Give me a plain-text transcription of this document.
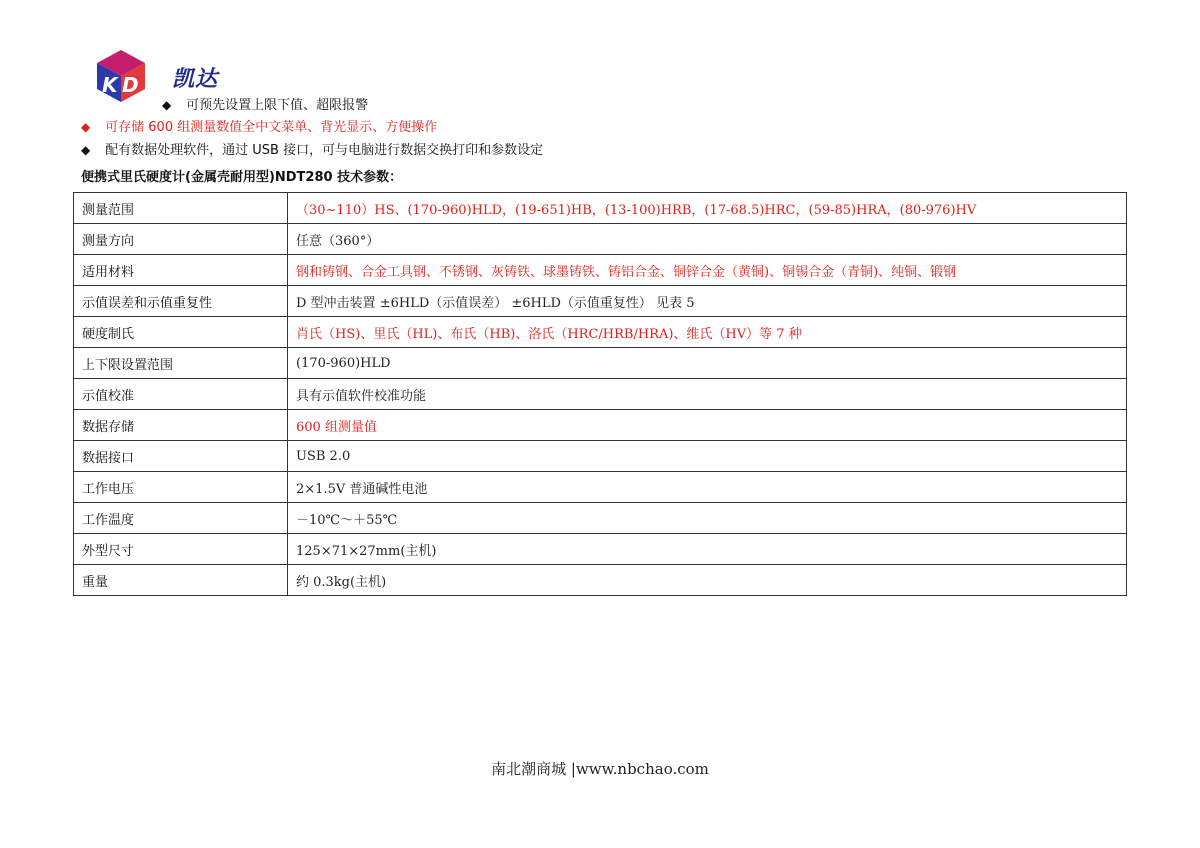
K D 凯达
◆ 可预先设置上限下值、超限报警
◆ 可存储 600 组测量数值全中文菜单、背光显示、方便操作
◆ 配有数据处理软件，通过 USB 接口，可与电脑进行数据交换打印和参数设定
便携式里氏硬度计(金属壳耐用型)NDT280 技术参数：
测量范围	（30~110）HS、(170-960)HLD，(19-651)HB，(13-100)HRB，(17-68.5)HRC，(59-85)HRA，(80-976)HV
测量方向	任意（360°）
适用材料	钢和铸钢、合金工具钢、不锈钢、灰铸铁、球墨铸铁、铸铝合金、铜锌合金（黄铜)、铜锡合金（青铜)、纯铜、锻钢
示值误差和示值重复性	D 型冲击装置 ±6HLD（示值误差） ±6HLD（示值重复性） 见表 5
硬度制氏	肖氏（HS)、里氏（HL)、布氏（HB)、洛氏（HRC/HRB/HRA)、维氏（HV）等 7 种
上下限设置范围	(170-960)HLD
示值校准	具有示值软件校准功能
数据存储	600 组测量值
数据接口	USB 2.0
工作电压	2×1.5V 普通碱性电池
工作温度	－10℃～＋55℃
外型尺寸	125×71×27mm(主机)
重量	约 0.3kg(主机)
南北潮商城 |www.nbchao.com
